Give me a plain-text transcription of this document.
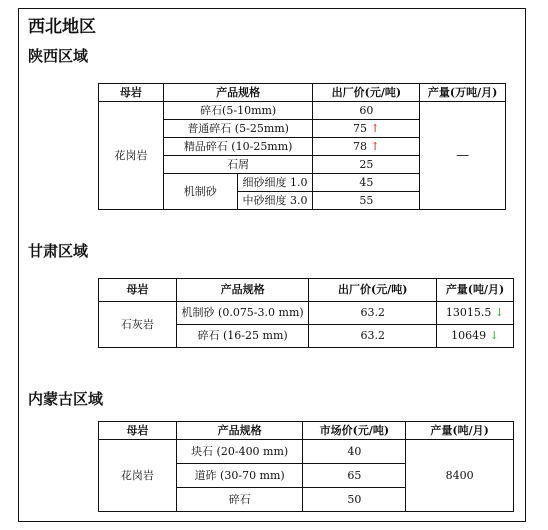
西北地区
陕西区域
母岩	产品规格		出厂价(元/吨)	产量(万吨/月)
花岗岩	碎石(5-10mm)		60	—
	普通碎石 (5-25mm)		75 ↑	
	精品碎石 (10-25mm)		78 ↑	
	石屑		25	
	机制砂	细砂细度 1.0	45	
		中砂细度 3.0	55	
甘肃区域
母岩	产品规格	出厂价(元/吨)	产量(吨/月)
石灰岩	机制砂 (0.075-3.0 mm)	63.2	13015.5 ↓
	碎石 (16-25 mm)	63.2	10649 ↓
内蒙古区域
母岩	产品规格	市场价(元/吨)	产量(吨/月)
花岗岩	块石 (20-400 mm)	40	8400
	道砟 (30-70 mm)	65	
	碎石	50	
